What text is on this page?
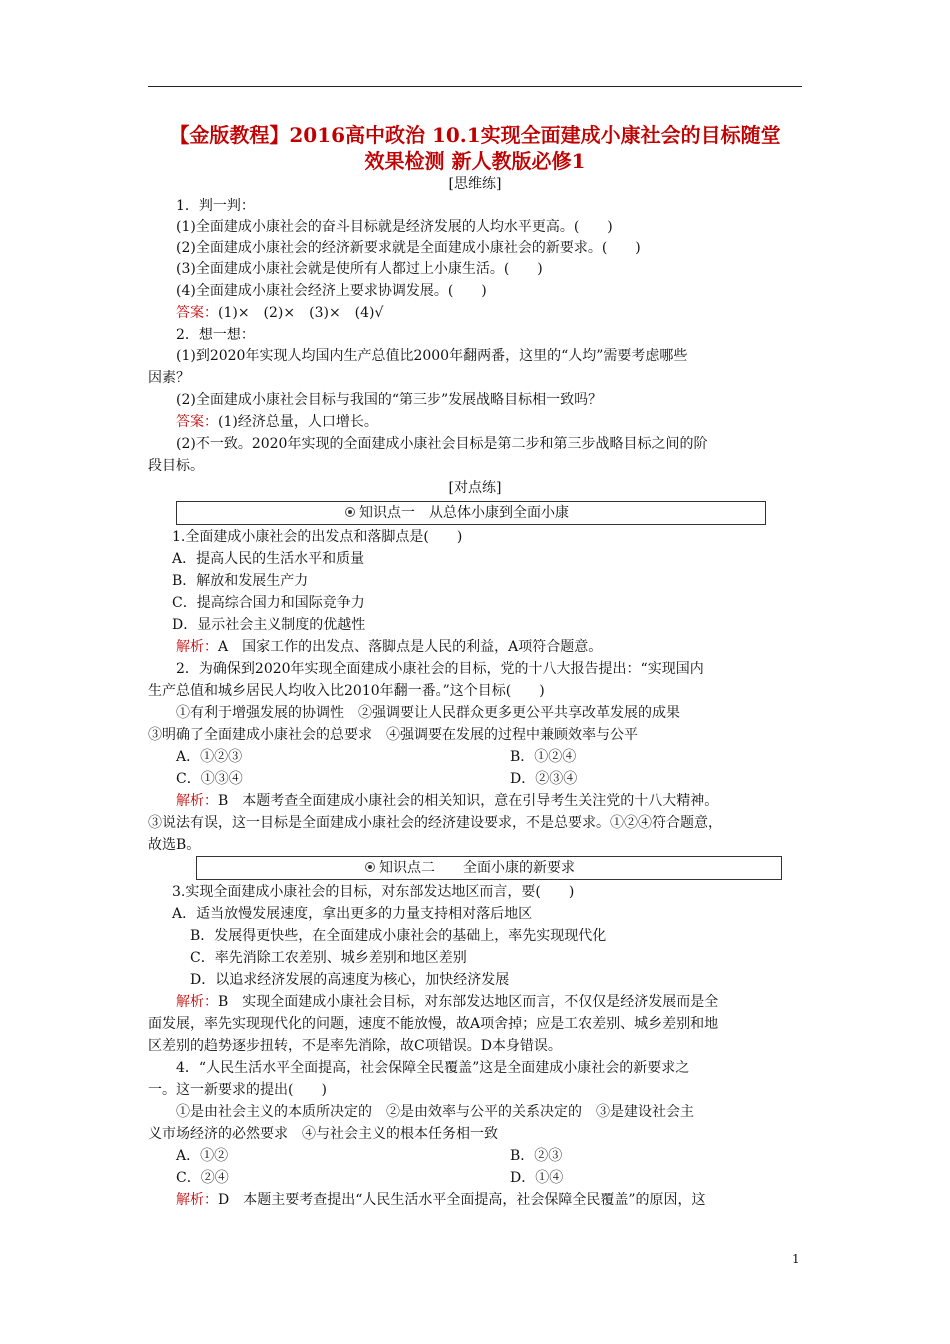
【金版教程】2016高中政治 10.1实现全面建成小康社会的目标随堂
效果检测 新人教版必修1
[思维练]
1．判一判：
(1)全面建成小康社会的奋斗目标就是经济发展的人均水平更高。(　　)
(2)全面建成小康社会的经济新要求就是全面建成小康社会的新要求。(　　)
(3)全面建成小康社会就是使所有人都过上小康生活。(　　)
(4)全面建成小康社会经济上要求协调发展。(　　)
答案：(1)×　(2)×　(3)×　(4)√
2．想一想：
(1)到2020年实现人均国内生产总值比2000年翻两番，这里的“人均”需要考虑哪些
因素？
(2)全面建成小康社会目标与我国的“第三步”发展战略目标相一致吗？
答案：(1)经济总量，人口增长。
(2)不一致。2020年实现的全面建成小康社会目标是第二步和第三步战略目标之间的阶
段目标。
[对点练]
知识点一　从总体小康到全面小康
1.全面建成小康社会的出发点和落脚点是(　　)
A．提高人民的生活水平和质量
B．解放和发展生产力
C．提高综合国力和国际竞争力
D．显示社会主义制度的优越性
解析：A　国家工作的出发点、落脚点是人民的利益，A项符合题意。
2．为确保到2020年实现全面建成小康社会的目标，党的十八大报告提出：“实现国内
生产总值和城乡居民人均收入比2010年翻一番。”这个目标(　　)
①有利于增强发展的协调性　②强调要让人民群众更多更公平共享改革发展的成果
③明确了全面建成小康社会的总要求　④强调要在发展的过程中兼顾效率与公平
A．①②③	B．①②④
C．①③④	D．②③④
解析：B　本题考查全面建成小康社会的相关知识，意在引导考生关注党的十八大精神。
③说法有误，这一目标是全面建成小康社会的经济建设要求，不是总要求。①②④符合题意，
故选B。
知识点二　　全面小康的新要求
3.实现全面建成小康社会的目标，对东部发达地区而言，要(　　)
A．适当放慢发展速度，拿出更多的力量支持相对落后地区
B．发展得更快些，在全面建成小康社会的基础上，率先实现现代化
C．率先消除工农差别、城乡差别和地区差别
D．以追求经济发展的高速度为核心，加快经济发展
解析：B　实现全面建成小康社会目标，对东部发达地区而言，不仅仅是经济发展而是全
面发展，率先实现现代化的问题，速度不能放慢，故A项舍掉；应是工农差别、城乡差别和地
区差别的趋势逐步扭转，不是率先消除，故C项错误。D本身错误。
4．“人民生活水平全面提高，社会保障全民覆盖”这是全面建成小康社会的新要求之
一。这一新要求的提出(　　)
①是由社会主义的本质所决定的　②是由效率与公平的关系决定的　③是建设社会主
义市场经济的必然要求　④与社会主义的根本任务相一致
A．①②	B．②③
C．②④	D．①④
解析：D　本题主要考查提出“人民生活水平全面提高，社会保障全民覆盖”的原因，这
1
